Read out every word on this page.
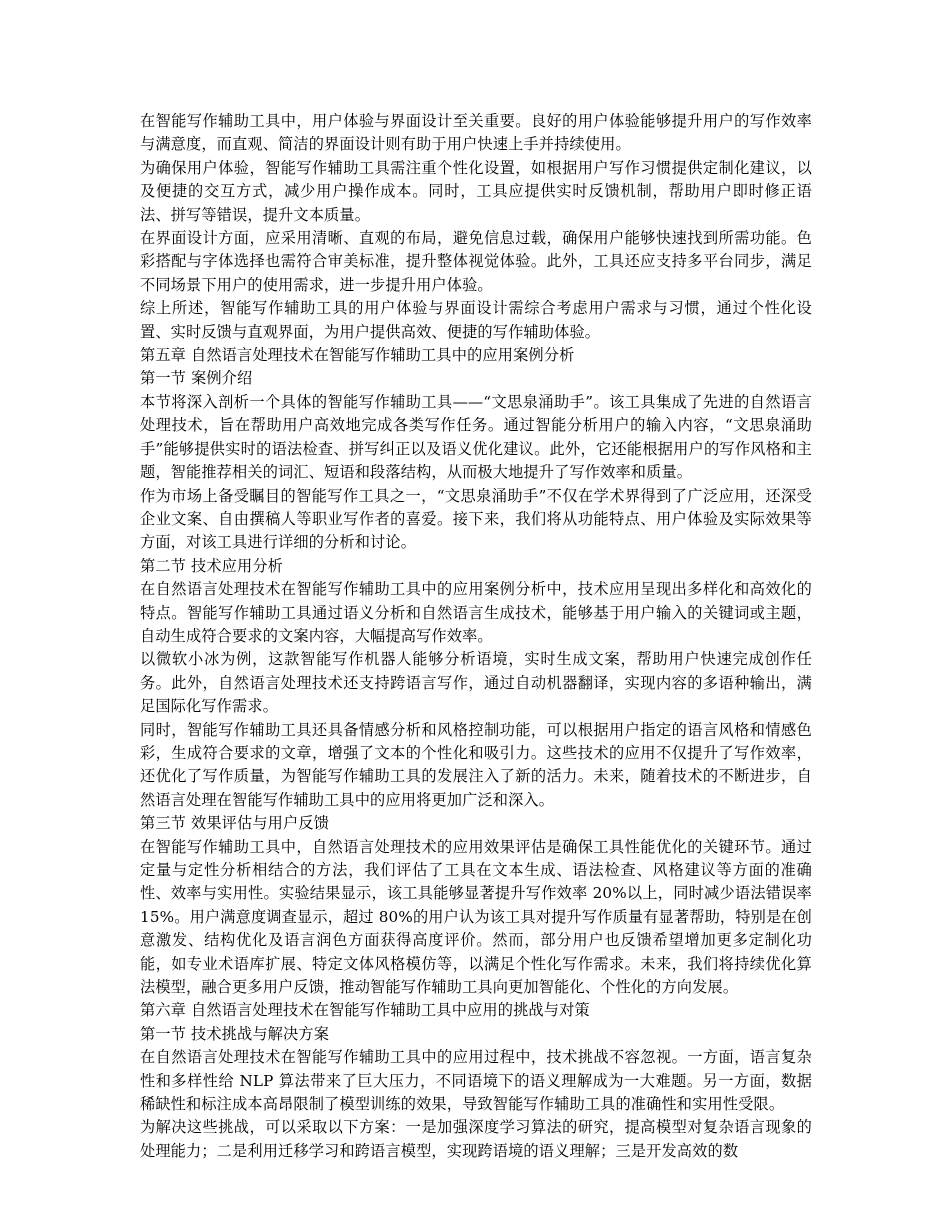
在智能写作辅助工具中，用户体验与界面设计至关重要。良好的用户体验能够提升用户的写作效率与满意度，而直观、简洁的界面设计则有助于用户快速上手并持续使用。

为确保用户体验，智能写作辅助工具需注重个性化设置，如根据用户写作习惯提供定制化建议，以及便捷的交互方式，减少用户操作成本。同时，工具应提供实时反馈机制，帮助用户即时修正语法、拼写等错误，提升文本质量。

在界面设计方面，应采用清晰、直观的布局，避免信息过载，确保用户能够快速找到所需功能。色彩搭配与字体选择也需符合审美标准，提升整体视觉体验。此外，工具还应支持多平台同步，满足不同场景下用户的使用需求，进一步提升用户体验。

综上所述，智能写作辅助工具的用户体验与界面设计需综合考虑用户需求与习惯，通过个性化设置、实时反馈与直观界面，为用户提供高效、便捷的写作辅助体验。

第五章 自然语言处理技术在智能写作辅助工具中的应用案例分析

第一节 案例介绍

本节将深入剖析一个具体的智能写作辅助工具——“文思泉涌助手”。该工具集成了先进的自然语言处理技术，旨在帮助用户高效地完成各类写作任务。通过智能分析用户的输入内容，“文思泉涌助手”能够提供实时的语法检查、拼写纠正以及语义优化建议。此外，它还能根据用户的写作风格和主题，智能推荐相关的词汇、短语和段落结构，从而极大地提升了写作效率和质量。

作为市场上备受瞩目的智能写作工具之一，“文思泉涌助手”不仅在学术界得到了广泛应用，还深受企业文案、自由撰稿人等职业写作者的喜爱。接下来，我们将从功能特点、用户体验及实际效果等方面，对该工具进行详细的分析和讨论。

第二节 技术应用分析

在自然语言处理技术在智能写作辅助工具中的应用案例分析中，技术应用呈现出多样化和高效化的特点。智能写作辅助工具通过语义分析和自然语言生成技术，能够基于用户输入的关键词或主题，自动生成符合要求的文案内容，大幅提高写作效率。

以微软小冰为例，这款智能写作机器人能够分析语境，实时生成文案，帮助用户快速完成创作任务。此外，自然语言处理技术还支持跨语言写作，通过自动机器翻译，实现内容的多语种输出，满足国际化写作需求。

同时，智能写作辅助工具还具备情感分析和风格控制功能，可以根据用户指定的语言风格和情感色彩，生成符合要求的文章，增强了文本的个性化和吸引力。这些技术的应用不仅提升了写作效率，还优化了写作质量，为智能写作辅助工具的发展注入了新的活力。未来，随着技术的不断进步，自然语言处理在智能写作辅助工具中的应用将更加广泛和深入。

第三节 效果评估与用户反馈

在智能写作辅助工具中，自然语言处理技术的应用效果评估是确保工具性能优化的关键环节。通过定量与定性分析相结合的方法，我们评估了工具在文本生成、语法检查、风格建议等方面的准确性、效率与实用性。实验结果显示，该工具能够显著提升写作效率 20%以上，同时减少语法错误率 15%。用户满意度调查显示，超过 80%的用户认为该工具对提升写作质量有显著帮助，特别是在创意激发、结构优化及语言润色方面获得高度评价。然而，部分用户也反馈希望增加更多定制化功能，如专业术语库扩展、特定文体风格模仿等，以满足个性化写作需求。未来，我们将持续优化算法模型，融合更多用户反馈，推动智能写作辅助工具向更加智能化、个性化的方向发展。

第六章 自然语言处理技术在智能写作辅助工具中应用的挑战与对策

第一节 技术挑战与解决方案

在自然语言处理技术在智能写作辅助工具中的应用过程中，技术挑战不容忽视。一方面，语言复杂性和多样性给 NLP 算法带来了巨大压力，不同语境下的语义理解成为一大难题。另一方面，数据稀缺性和标注成本高昂限制了模型训练的效果，导致智能写作辅助工具的准确性和实用性受限。

为解决这些挑战，可以采取以下方案：一是加强深度学习算法的研究，提高模型对复杂语言现象的处理能力；二是利用迁移学习和跨语言模型，实现跨语境的语义理解；三是开发高效的数
